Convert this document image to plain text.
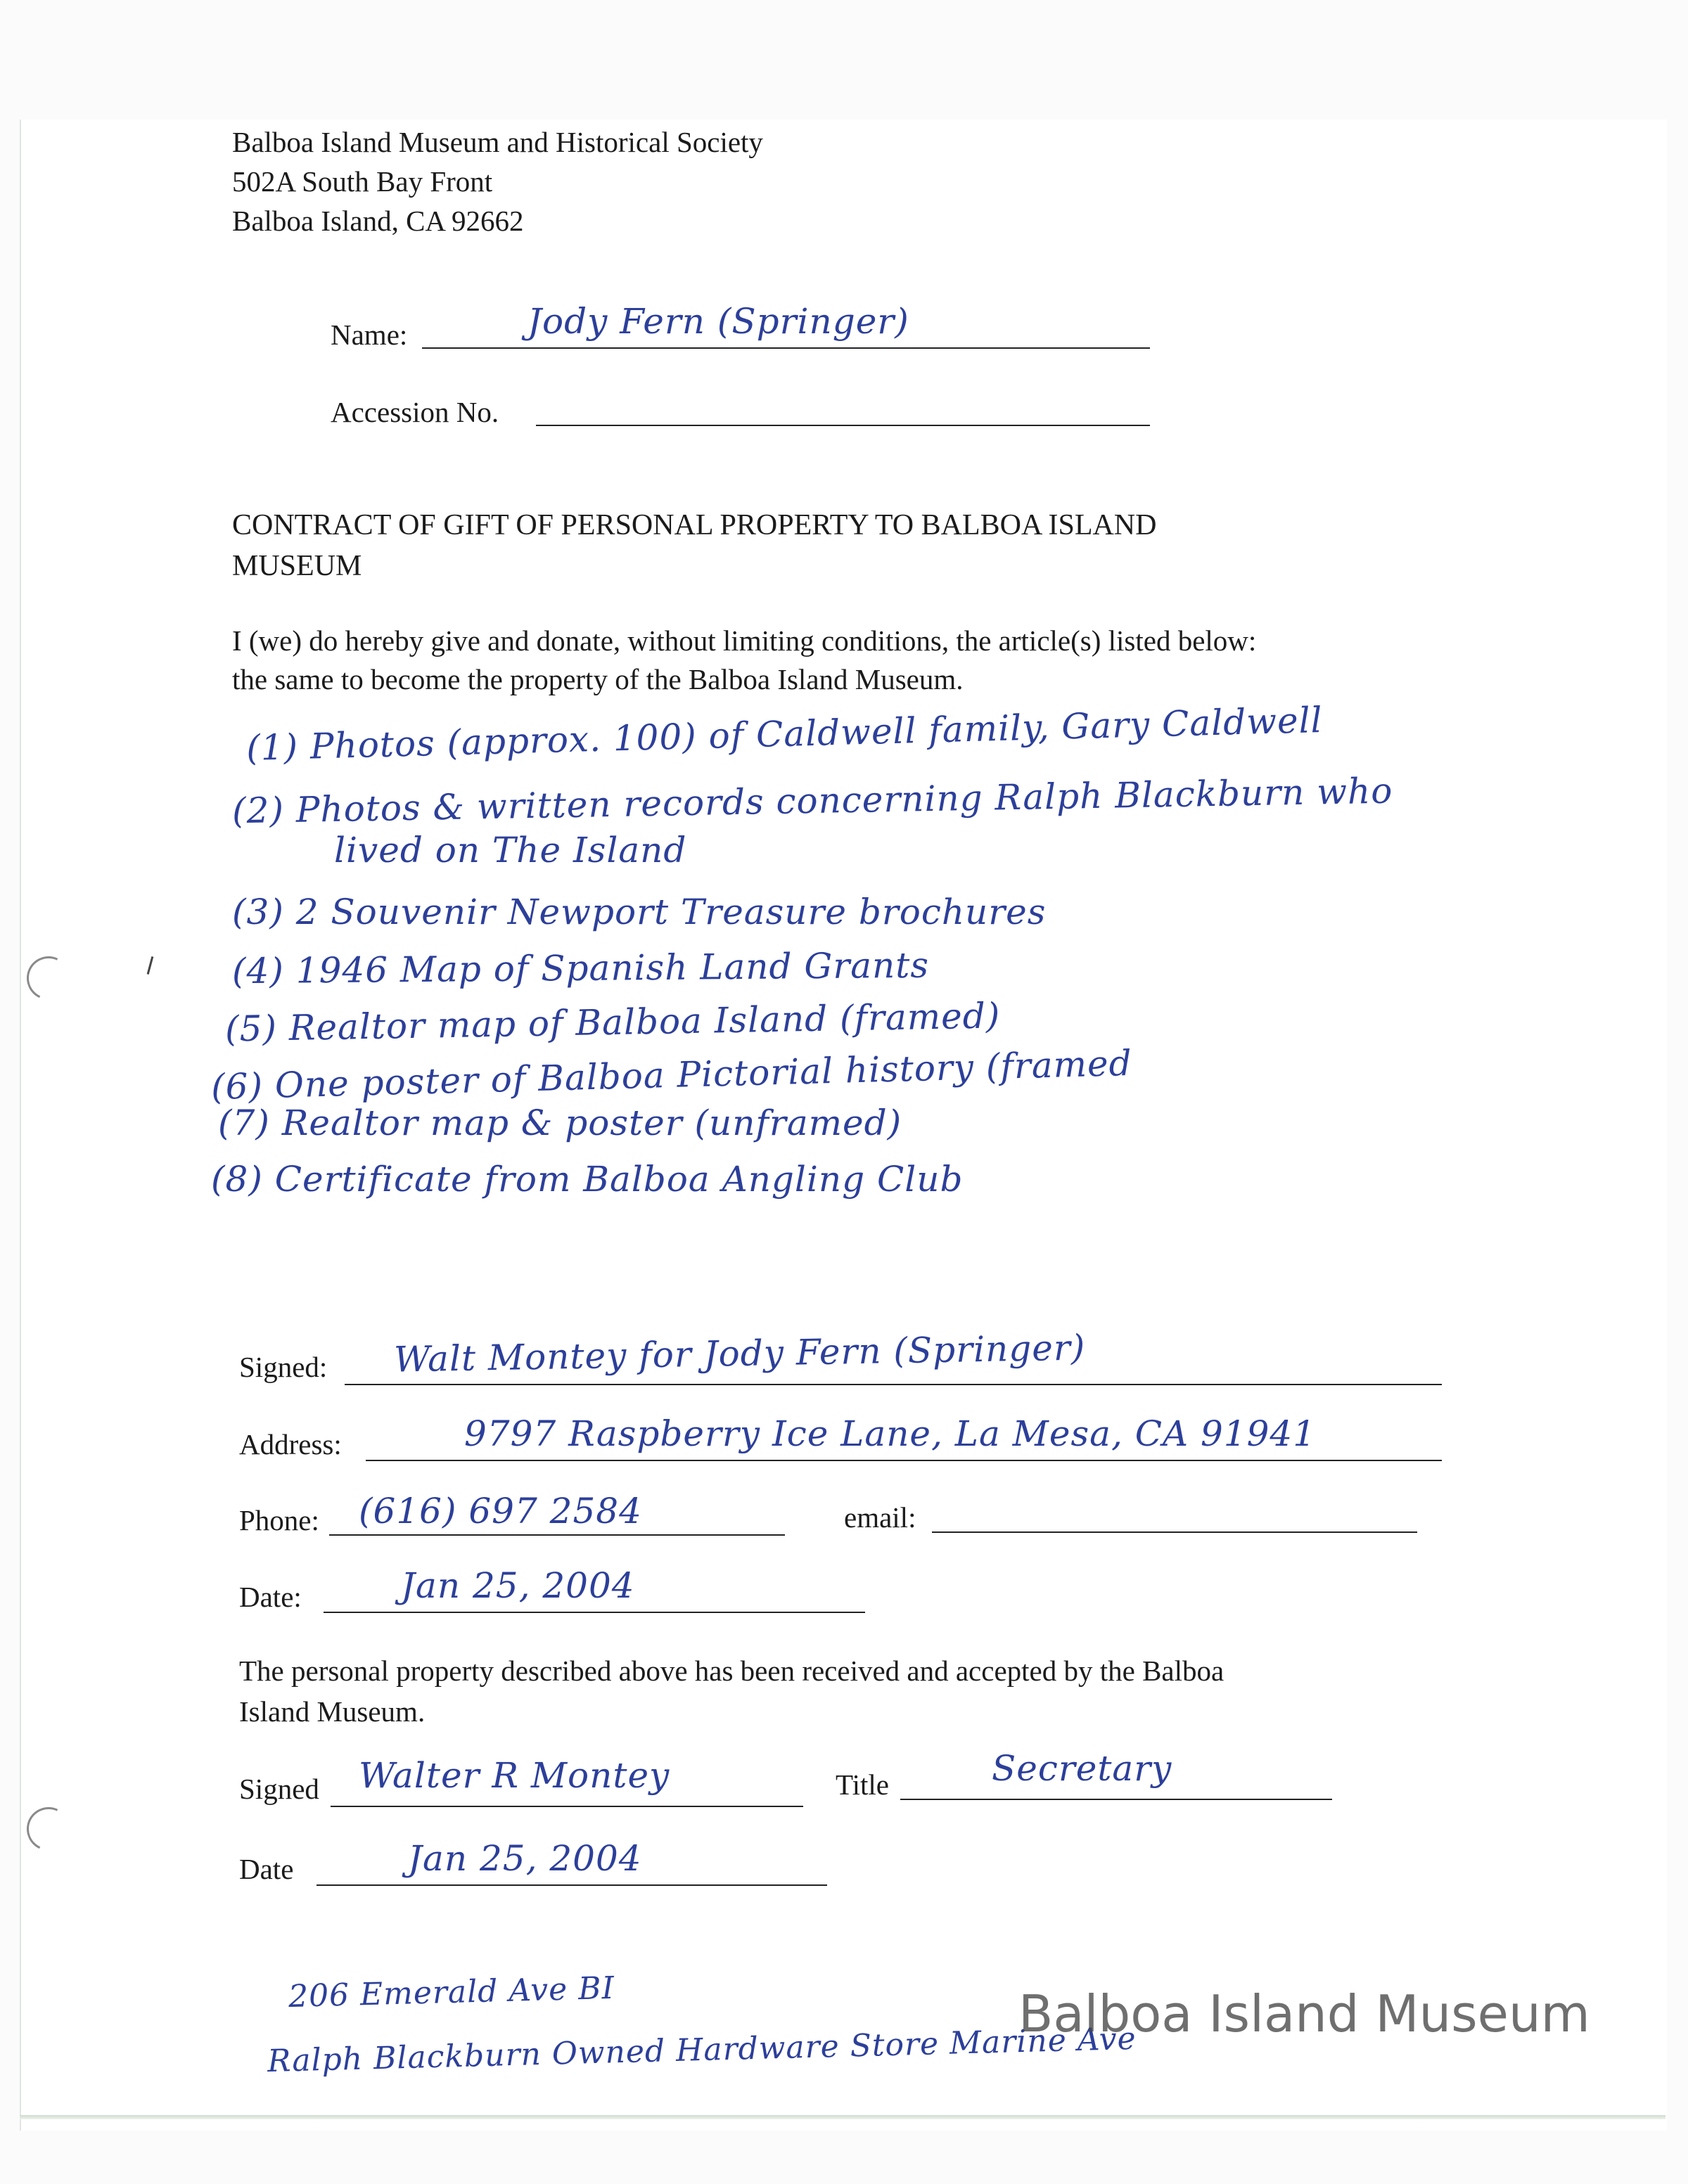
Balboa Island Museum and Historical Society
502A South Bay Front
Balboa Island, CA 92662
Name:	Jody Fern (Springer)
Accession No.
CONTRACT OF GIFT OF PERSONAL PROPERTY TO BALBOA ISLAND
MUSEUM
I (we) do hereby give and donate, without limiting conditions, the article(s) listed below:
the same to become the property of the Balboa Island Museum.
(1) Photos (approx. 100) of Caldwell family, Gary Caldwell
(2) Photos & written records concerning Ralph Blackburn who
lived on The Island
(3) 2 Souvenir Newport Treasure brochures
(4) 1946 Map of Spanish Land Grants
(5) Realtor map of Balboa Island (framed)
(6) One poster of Balboa Pictorial history (framed
(7) Realtor map & poster (unframed)
(8) Certificate from Balboa Angling Club
Signed: Walt Montey for Jody Fern (Springer)
Address:	9797 Raspberry Ice Lane, La Mesa, CA 91941
Phone: (616) 697 2584	email:
Date:	Jan 25, 2004
The personal property described above has been received and accepted by the Balboa
Island Museum.
Signed Walter R Montey	Title	Secretary
Date	Jan 25, 2004
206 Emerald Ave BI
Ralph Blackburn Owned Hardware Store Marine Ave
Balboa Island Museum
